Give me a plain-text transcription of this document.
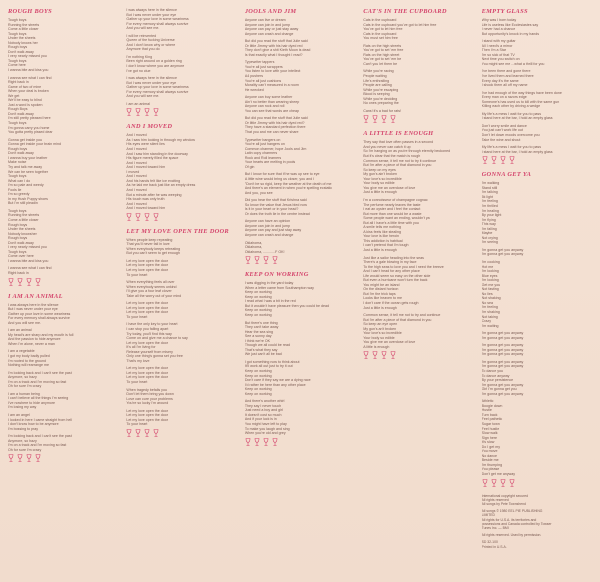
ROUGH BOYS
Tough boys
Running the streets
Come a little closer
Tough boys
Under the sheets
Nobody knows her
Rough boys
Don't walk away
I very nearly missed you
Tough boys
Come here
I wanna bite and kiss you
I wanna see what I can find
Right back in
Game of two of mine
When your deal is broken
We get
We'll be easy to blind
Just a word is spoken
Rough Boys
Don't walk away
I'm still pretty pleased here
Tough boys
I'm gonna carry you home
You gotta pretty pissed dear
Gonna get inside you
Gonna get inside your brain mind
Rough boys
Don't walk away
I wanna buy your leather
Make noise
Try and talk me away
We can be seen together
Tough boys
What can I do
I'm so pale and weedy
Fools lie
I'm so greedy
In my Hush Puppy shoes
But I'm still pleadin
Tough boys
Running the streets
Come a little closer
Rough boys
Under the sheets
Nobody knowsher
Rough boys
Don't walk away
I very nearly missed you
Tough boys
Come over here
I wanna bite and kiss you
I wanna see what I can find
Right back in
I AM AN ANIMAL
I was always here in the silence
But I was never under your eye
Gather up your love in some weariness
For every memory shall always survive
And you will see me.
I am an animal
My head's are sharp and my mouth is full
And the passion to hide anymore
When I'm alone, never a man
I am a vegetable
I got my body badly pulled
I'm rooted to the ground
Nothing will rearrange me
I'm looking back and I can't see the past
Anymore, so hazy
I'm on a track and I'm moving so fast
Oh for sure I'm crazy
I am a human being
I can't believe all the things I'm seeing
I've nowhere to hide anymore
I'm losing my way
I am an angel
I looked in here I came straight from hell
I don't know how to be anymore
I'm bossing to pray
I'm looking back and I can't see the past
Anymore, so hazy
I'm on a track and I'm moving so fast
Oh for sure I'm crazy
I was always here in the silence
But I was never under your eye
Gather up your love in some weariness
For every memory shall always survive
And you will see me.
I will be reinvented
Queen of the fucking Universe
And I don't know why or where
Anymore that you do
I'm nothing King
Been right around on a golden ring
I don't know where you are anymore
I've got no clue
I was always here in the silence
But I was never under your eye
Gather up your love in some weariness
For every memory shall always survive
And you will see me.
I am an animal
AND I MOVED
And I moved
As I saw him looking in through my window
His eyes were silent lies
And I moved
And I saw him standing in the doorway
His figure merely filled the space
And I moved
And I moved toward him
I moved
And I moved
And his hands felt like ice exciting
As he laid me back just like an empty dress
And I moved
But a minute after he was weeping
His touch was only truth
And I moved
And I moved toward him
LET MY LOVE OPEN THE DOOR
When people keep repeating
That you'll never fall in love
When everybody keeps retreating
But you can't seem to get enough
Let my love open the door
Let my love open the door
Let my love open the door
To your heart
When everything feels all over
When everybody seems unkind
I'll give you a four leaf clover
Take all the worry out of your mind
Let my love open the door
Let my love open the door
Let my love open the door
To your heart
I have the only key to your heart
I can stop you falling apart
Try today, you'll find this way
Come on and give me a chance to say
Let my love open the door
It's all I'm living for
Release yourself from misery
Only one thing's gonna set you free
That's my love
Let my love open the door
Let my love open the door
Let my love open the door
To your heart
When tragedy befalls you
Don't let them bring you down
Love can cure your problems
You're so lucky I'm around
Let my love open the door
Let my love open the door
Let my love open the door
To your heart
JOOLS AND JIM
Anyone can live or dream
Anyone can join in and jump
Anyone can pay or just stay away
Anyone can crash and change
But did you read the stuff that Julie said
Or little Jimmy with his hair dyed red
They don't give a shit Kieth Moon is dead
Is that exactly what I thought I read?
Typewriter tappers
You're all just scrappers
You listen to love with your intellect
A4 pushers
You're all just cushions
Morality can't measured in a room
He wrecked
Anyone can buy some leather
Ain't no better than wearing sheep
Anyone can rock and roll
You can see that words are cheap
But did you read the stuff that Julie said
Or little Jimmy with his hair dyed red?
They have a standard perfection there
That you and me can never share
Typewriter bangers on
You're all just hangers on
Common charmer, hope Jools and Jim
Latin copy charmers
Rock and Roll learners
Your hearts are melting in pools
Of gin
But I know for sure that if he was up see to eye
A little wine would bring us closer, you and I
"Don't be so rigid, keep the weather at the death of me
And there's an element in when you're spelling ecstatic
And you, you see
Did you hear the stuff that Krishna said
So know the value that Jesus bled now
Is it in your heart or in your head?
Or does the truth lie in the centre instead
Anyone can have an opinion
Anyone can join in and jump
Anyone can pay and just stay away
Anyone can crash and change
Oklahoma,
Oklahoma,
Oklahoma, ............F OK!
KEEP ON WORKING
I was digging in the yard today
When a letter came from Southampton way
Keep on working
Keep on working
I read what I was a bit in the red
But it wouldn't have pleasure then you could be dead
Keep on working
Keep on working
But there's one thing
They can't take away
Hear the sea sing
See a sunny day
I think we're OK
Though we all could be read
That's what they say
We just can't all be bad
I got something now to think about
It'll work all out just to try it out
Keep on working
Keep on working
Don't care if they say we are a dying race
I'd rather be here than any other place
Keep on working
Keep on working
And there's another whirl
They say I never touch
Just need a boy and girl
It doesn't cost so much
And if your luck is in
You might have left to play
To make you laugh and sing
When you're old and grey
CAT'S IN THE CUPBOARD
Cats in the cupboard
Cats in the cupboard you've got to let him free
You've got to let him free
Cats in the cupboard
You must set him free
Rats on the high streets
You've got to set 'em free
Rats on the high street
You've got to set 'em be
Can't you let them be
While you're racing
People waiting
Life's enthralling
People are calling
While you're escaping
Blood is seeping
While you're deciding
No ones preparing the
Cans! it's a bad for rats!
A LITTLE IS ENOUGH
They say that love often passes in a second
And you never can catch it up
So I'm hanging on as you're through eternity beckoned
But it's clear that the match is rough
Common sense, it tell me not to try it continue
But I'm after a piece of that diamond in you
So keep on my eyes
My gun's ain't broken
Your love's so incredible
Your body so edible
You give me an overdose of love
Just a little is enough
I'm a connoisseur of champagne cognac
The perfume nearly leaves the taste
I eat an oyster and I feel the contact
But more than one would be a waste
Some people want an ending, wouldn't ya
But all I have's a little time with you
A smile tells me nothing
A kiss feels like stealing
Your love is like heroin
This addiction is habitual
I can't pretend that I'm tough
Just a little is enough
Just like a sailor heading into the seas
There's a gale blowing in my face
To the high seas to love you and I need the breeze
And I can't head for any other place
Life would seem so easy on the other side
But even a hurricane won't turn the back
You might be an island
On the distant horizon
But I'm the trick taps
Looks like heaven to me
I don't care if the ocean gets rough
Just a little is enough
Common sense, it tell me not to try and continue
But I'm after a piece of that diamond in you
So keep an eye open
My gun's an't broken
Your love's so incredible
Your body so edible
You give me an overdose of love
A little is enough
EMPTY GLASS
Why was I born today
Life is useless like Ecclesiastes say
I never had a chance
But opportunity's knock in my hands
I stand with my guitar
All I need's a mirror
Then I'm a Star
I'm so sick of that TV
Next time you switch on
You might see me ...what a thrill for you
I've been there and gone there
I've lived them and learned there
Every day it's the same
I shook them all off my name
I've had enough of the way things have been done
Every man on a razors edge
Someone's has used us to kill with the same gun
Killing each other by driving a wedge
My life's a mess I wait for you to pass
I stand here at the bar, I hold an empty glass
Don't worry smile and dance
You just can't work life out
Don't let down moods overcome you
Take the wine and shout
My life's a mess I wait for you to pass
I stand here at the bar, I hold an empty glass
GONNA GET YA
I'm walking
Stand still
I'm talking
5k light
I'm feeling
I'm thrilled
I'm healing
By your light
I'm flying
This way
I'm falling
Maybe
Not crying
I'm seeing
I'm gonna get you anyway
I'm gonna get you anyway
I'm cooking
Hot me
I'm looking
Blue eyes
I'm looking
Get me you
Not fasting
No lies
Not shaking
No sea
I'm feeling
I'm shaking
Not taking
Crazy
I'm waiting
I'm gonna get you anyway
I'm gonna get you anyway
I'm gonna get you anyway
I'm gonna get you anyway
I'm gonna get you anyway
I'm gonna get you anyway
I'm gonna get you anyway
To dance you
To dance anyway
By your persistence
I'm gonna get you anyway
Girl I'm gonna get you
I'm gonna get you anyway
Athletic
Boogie down
Hustle
Turn back
Feel pathetic
Sugar town
Feel hustle
Slow walk
Sign here
It's slow
Do I get my
You move
No dance
Beside me
I'm thumping
You please
Don't get me anyway
International copyright secured
All rights reserved
All songs by Pete Townshend
All songs © 1980 EEL PIE PUBLISHING
LIMITED
All rights for U.S.A. its territories and
possessions and Canada controlled by Towser
Tunes Inc. — BMI
All rights reserved. Used by permission.
SD 32-100
Printed in U.S.A.
